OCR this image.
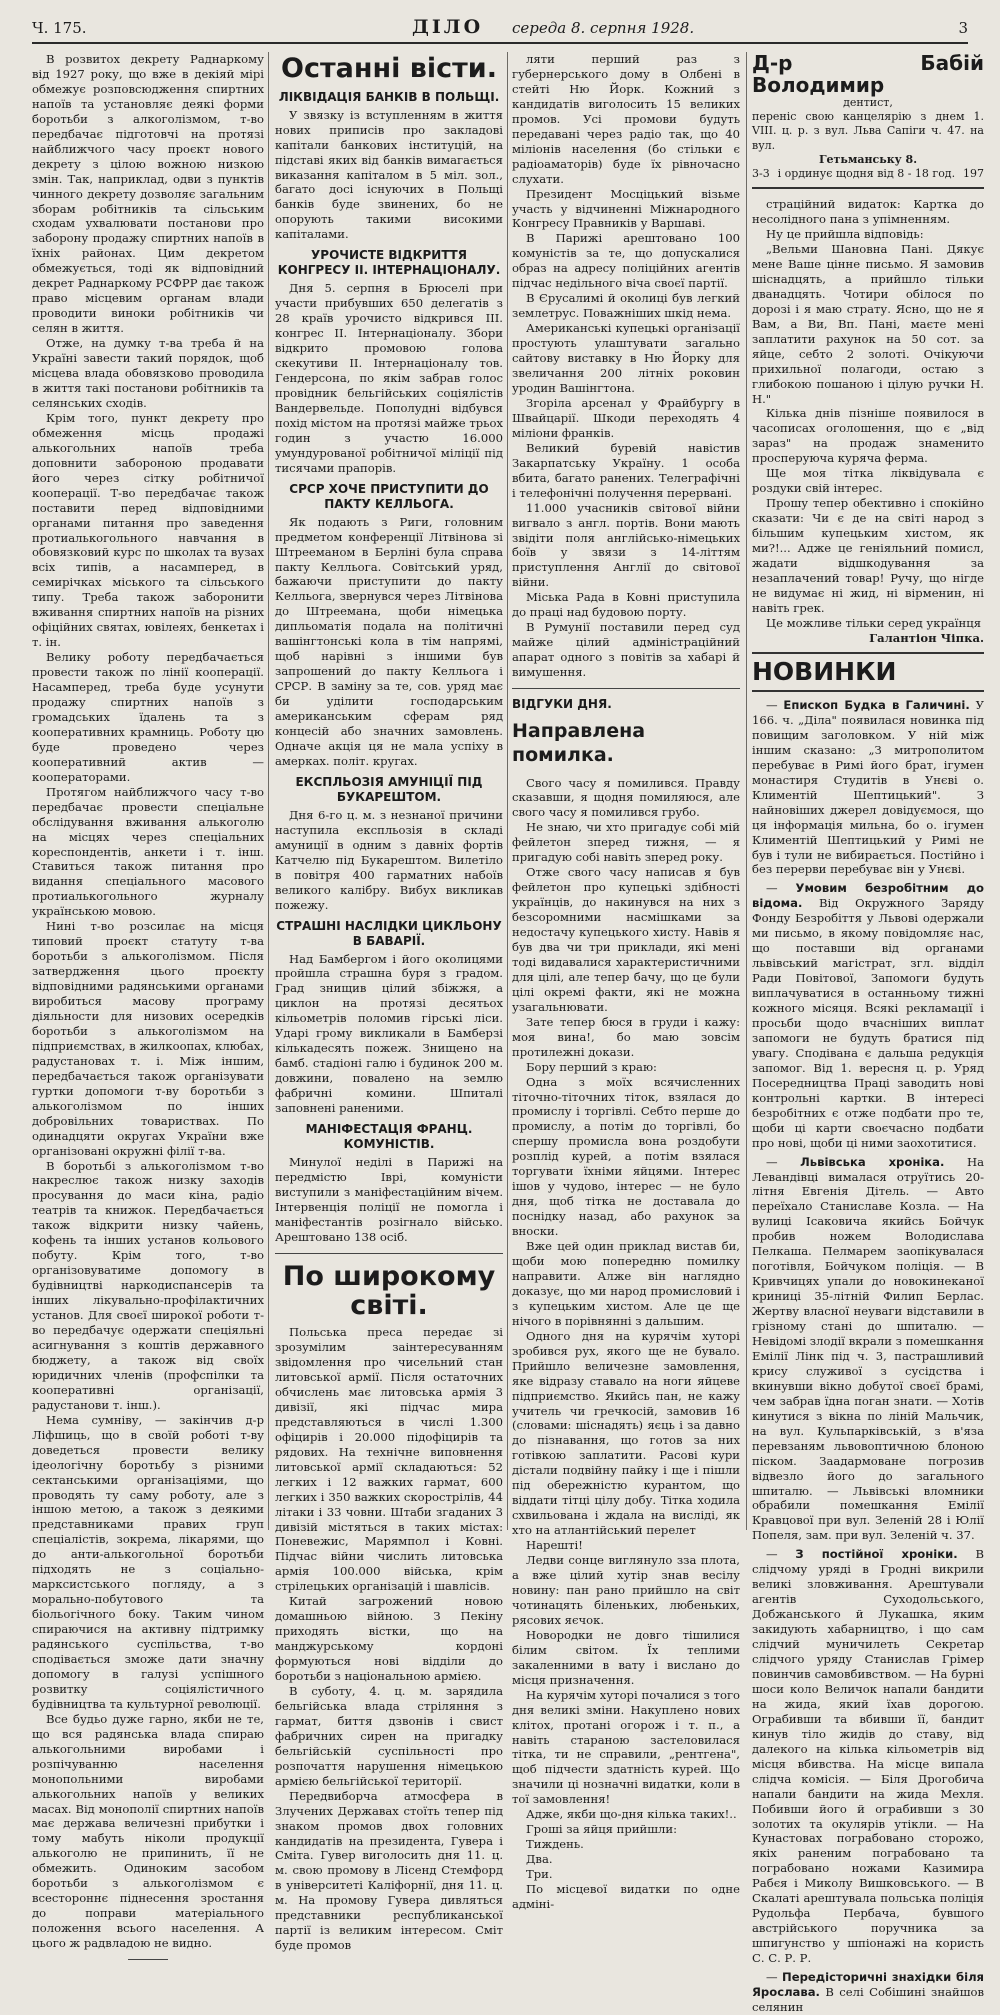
Ч. 175.	ДІЛО середа 8. серпня 1928.	3

В розвитох декрету Раднаркому від 1927 року, що вже в декіяй мірі обмежує розповсюдження спиртних напоїв та установляє деякі форми боротьби з алкоголізмом, т-во передбачає підготовчі на протязі найближчого часу проєкт нового декрету з цілою вожною низкою змін. Так, наприклад, одви з пунктів чинного декрету дозволяє загальним зборам робітників та сільським сходам ухвалювати постанови про заборону продажу спиртних напоїв в їхніх районах. Цим декретом обмежується, тоді як відповідний декрет Раднаркому РСФРР дає також право місцевим органам влади проводити виноки робітників чи селян в життя.

Отже, на думку т-ва треба й на Україні завести такий порядок, щоб місцева влада обовязково проводила в життя такі постанови робітників та селянських сходів.

Крім того, пункт декрету про обмеження місць продажі алькогольних напоїв треба доповнити забороною продавати його через сітку робітничої кооперації. Т-во передбачає також поставити перед відповідними органами питання про заведення протиалькогольного навчання в обовязковий курс по школах та вузах всіх типів, а насамперед, в семирічках міського та сільського типу. Треба також заборонити вживання спиртних напоїв на різних офіційних святах, ювілеях, бенкетах і т. ін.

Велику роботу передбачається провести також по лінії кооперації. Насамперед, треба буде усунути продажу спиртних напоїв з громадських їдалень та з кооперативних крамниць. Роботу цю буде проведено через кооперативний актив — кооператорами.

Протягом найближчого часу т-во передбачає провести спеціальне обслідування вживання алькоголю на місцях через спеціальних кореспондентів, анкети і т. інш. Ставиться також питання про видання спеціального масового протиалькогольного журналу українською мовою.

Нині т-во розсилає на місця типовий проєкт статуту т-ва боротьби з алькоголізмом. Після затвердження цього проєкту відповідними радянськими органами виробиться масову програму діяльности для низових осередків боротьби з алькоголізмом на підприємствах, в жилкоопах, клюбах, радустановах т. і. Між іншим, передбачається також організувати гуртки допомоги т-ву боротьби з алькоголізмом по інших добровільних товариствах. По одинадцяти округах України вже організовані окружні філії т-ва.

В боротьбі з алькоголізмом т-во накреслює також низку заходів просування до маси кіна, радіо театрів та книжок. Передбачається також відкрити низку чайень, кофень та інших установ кольового побуту. Крім того, т-во організовуватиме допомогу в будівництві наркодиспансерів та інших лікувально-профілактичних установ. Для своєї широкої роботи т-во передбачує одержати спеціяльні асигнування з коштів державного бюджету, а також від своїх юридичних членів (профспілки та кооперативні організації, радустанови т. інш.).

Нема сумніву, — закінчив д-р Ліфшиць, що в своїй роботі т-ву доведеться провести велику ідеологічну боротьбу з різними сектанськими організаціями, що проводять ту саму роботу, але з іншою метою, а також з деякими представниками правих груп спеціалістів, зокрема, лікарями, що до анти-алькогольної боротьби підходять не з соціально-марксистського погляду, а з морально-побутового та біольогічного боку. Таким чином спираючися на активну підтримку радянського суспільства, т-во сподівається зможе дати значну допомогу в галузі успішного розвитку соціялістичного будівництва та культурної революції.

Все будьо дуже гарно, якби не те, що вся радянська влада спираю алькогольними виробами і розпічуванню населення монопольними виробами алькогольних напоїв у великих масах. Від монополії спиртних напоїв має держава величезні прибутки і тому мабуть ніколи продукції алькоголю не припинить, її не обмежить. Одиноким засобом боротьби з алькоголізмом є всестороннє піднесення зростання до поправи матеріального положення всього населення. А цього ж радвладою не видно.

Останні вісти.
ЛІКВІДАЦІЯ БАНКІВ В ПОЛЬЩІ.

У звязку із вступленням в життя нових приписів про закладові капітали банкових інституцій, на підставі яких від банків вимагається виказання капіталом в 5 міл. зол., багато досі існуючих в Польщі банків буде звинених, бо не опорують такими високими капіталами.

УРОЧИСТЕ ВІДКРИТТЯ КОНГРЕСУ ІІ. ІНТЕРНАЦІОНАЛУ.

Дня 5. серпня в Брюселі при участи прибувших 650 делегатів з 28 країв урочисто відкрився ІІІ. конгрес ІІ. Інтернаціоналу. Збори відкрито промовою голова скекутиви ІІ. Інтернаціоналу тов. Гендерсона, по якім забрав голос провідник бельгійських соціялістів Вандервельде. Пополудні відбувся похід містом на протязі майже трьох годин з участю 16.000 умундурованої робітничої міліції під тисячами прапорів.

СРСР ХОЧЕ ПРИСТУПИТИ ДО ПАКТУ КЕЛЛЬОГА.

Як подають з Риги, головним предметом конференції Літвінова зі Штрееманом в Берліні була справа пакту Келльога. Совітський уряд, бажаючи приступити до пакту Келльога, звернувся через Літвінова до Штреемана, щоби німецька дипльоматія подала на політичні вашінгтонські кола в тім напрямі, щоб нарівні з іншими був запрошений до пакту Келльога і СРСР. В заміну за те, сов. уряд має би уділити господарським американським сферам ряд концесій або значних замовлень. Одначе акція ця не мала успіху в амерках. політ. кругах.

ЕКСПЛЬОЗІЯ АМУНІЦІЇ ПІД БУКАРЕШТОМ.

Дня 6-го ц. м. з незнаної причини наступила експльозія в складі амуниції в одним з давніх фортів Катчелю під Букарештом. Вилетіло в повітря 400 гарматних набоїв великого калібру. Вибух викликав пожежу.

СТРАШНІ НАСЛІДКИ ЦИКЛЬОНУ В БАВАРІЇ.

Над Бамбергом і його околицями пройшла страшна буря з градом. Град знищив цілий збіжжя, а циклон на протязі десятьох кільометрів поломив гірські ліси. Ударі грому викликали в Бамберзі кількадесять пожеж. Знищено на бамб. стадіоні галю і будинок 200 м. довжини, повалено на землю фабричні комини. Шпиталі заповнені раненими.

МАНІФЕСТАЦІЯ ФРАНЦ. КОМУНІСТІВ.

Минулої неділі в Парижі на передмістю Іврі, комуністи виступили з маніфестаційним вічем. Інтервенція поліції не помогла і маніфестантів розігнало військо. Арештовано 138 осіб.

По широкому світі.

Польська преса передає зі зрозумілим заінтересуванням звідомлення про чисельний стан литовської армії. Після остаточних обчислень має литовська армія 3 дивізії, які підчас мира представляються в числі 1.300 офіцирів і 20.000 підофіцирів та рядових. На технічне виповнення литовської армії складаються: 52 легких і 12 важких гармат, 600 легких і 350 важких скорострілів, 44 літаки і 33 човни. Штаби згаданих 3 дивізій містяться в таких містах: Поневежис, Марямпол і Ковні. Підчас війни числить литовська армія 100.000 війська, крім стрілецьких організацій і шавлісів.

Китай загрожений новою домашньою війною. З Пекіну приходять вістки, що на манджурському кордоні формуються нові відділи до боротьби з національною армією.

В суботу, 4. ц. м. зарядила бельгійська влада стріляння з гармат, биття дзвонів і свист фабричних сирен на пригадку бельгійській суспільності про розпочаття нарушення німецькою армією бельгійської території.

Передвиборча атмосфера в Злучених Державах стоїть тепер під знаком промов двох головних кандидатів на президента, Гувера і Сміта. Гувер виголосить дня 11. ц. м. свою промову в Лісенд Стемфорд в університеті Каліфорнії, дня 11. ц. м. На промову Гувера дивляться представники республиканської партії із великим інтересом. Сміт буде промов

ляти перший раз з губернерського дому в Олбені в стейті Ню Йорк. Кожний з кандидатів виголосить 15 великих промов. Усі промови будуть передавані через радіо так, що 40 міліонів населення (бо стільки є радіоаматорів) буде їх рівночасно слухати.

Президент Мосціцький візьме участь у відчиненні Міжнародного Конгресу Правників у Варшаві.

В Парижі арештовано 100 комуністів за те, що допускалися образ на адресу поліційних агентів підчас недільного віча своєї партії.

В Єрусалимі й околиці був легкий землетрус. Поважніших шкід нема.

Американські купецькі організації простують улаштувати загально сайтову виставку в Ню Йорку для звеличання 200 літніх роковин уродин Вашінгтона.

Згоріла арсенал у Фрайбургу в Швайцарії. Шкоди переходять 4 міліони франків.

Великий буревій навістив Закарпатську Україну. 1 особа вбита, багато ранених. Телеграфічні і телефонічні получення перервані.

11.000 учасників світової війни вигвало з англ. портів. Вони мають звідіти поля англійсько-німецьких боїв у звязи з 14-літтям приступлення Англії до світової війни.

Міська Рада в Ковні приступила до праці над будовою порту.

В Румунії поставили перед суд майже цілий адміністраційний апарат одного з повітів за хабарі й вимушення.

ВІДГУКИ ДНЯ.
Направлена помилка.

Свого часу я помилився. Правду сказавши, я щодня помиляюся, але свого часу я помилився грубо.

Не знаю, чи хто пригадує собі мій фейлетон зперед тижня, — я пригадую собі навіть зперед року.

Отже свого часу написав я був фейлетон про купецькі здібності українців, до накинувся на них з безсоромними насмішками за недостачу купецького хисту. Навів я був два чи три приклади, які мені тоді видавалися характеристичними для цілі, але тепер бачу, що це були цілі окремі факти, які не можна узагальнювати.

Зате тепер бюся в груди і кажу: моя вина!, бо маю зовсім протилежні докази.

Бору перший з краю:

Одна з моїх всячисленних тіточно-тіточних тіток, взялася до промислу і торгівлі. Себто перше до промислу, а потім до торгівлі, бо спершу промисла вона роздобути розплід курей, а потім взялася торгувати їхніми яйцями. Інтерес ішов у чудово, інтерес — не було дня, щоб тітка не доставала до поснідку назад, або рахунок за вноски.

Вже цей один приклад вистав би, щоби мою попередню помилку направити. Алже він наглядно доказує, що ми народ промисловий і з купецьким хистом. Але це ще нічого в порівнянні з дальшим.

Одного дня на курячім хуторі зробився рух, якого ще не бувало. Прийшло величезне замовлення, яке відразу ставало на ноги яйцеве підприємство. Якийсь пан, не кажу учитель чи гречкосій, замовив 16 (словами: шіснадять) яєць і за давно до пізнавання, що готов за них готівкою заплатити. Расові кури дістали подвійну пайку і ще і пішли під обережністю курантом, що віддати тітці цілу добу. Тітка ходила схвильована і ждала на висліді, як хто на атлантійський перелет

Нарешті!

Ледви сонце виглянуло зза плота, а вже цілий хутір знав весілу новину: пан рано прийшло на світ чотинацять біленьких, любеньких, рясових яєчок.

Новородки не довго тішилися білим світом. Їх теплими закаленними в вату і вислано до місця призначення.

На курячім хуторі почалися з того дня великі зміни. Накуплено нових клітох, протані огорож і т. п., а навіть стараною застеловилася тітка, ти не справили, „рентгена", щоб підчести здатність курей. Що значили ці нозначні видатки, коли в тої замовлення!

Адже, якби що-дня кілька таких!..

Гроші за яйця прийшли:

Тиждень.

Два.

Три.

По місцевої видатки по одне адміні-

Д-р Бабій Володимир
дентист,
переніс свою канцелярію з днем 1. VIII. ц. р. з вул. Льва Сапіги ч. 47. на вул.
Гетьманську 8.
3-3 і ординує щодня від 8 - 18 год. 197

страційний видаток: Картка до несолідного пана з упімненням.

Ну це прийшла відповідь:

„Вельми Шановна Пані. Дякує мене Ваше цінне письмо. Я замовив шіснадцять, а прийшло тільки дванадцять. Чотири обілося по дорозі і я маю страту. Ясно, що не я Вам, а Ви, Вп. Пані, маєте мені заплатити рахунок на 50 сот. за яйце, себто 2 золоті. Очікуючи прихильної полагоди, остаю з глибокою пошаною і цілую ручки Н. Н."

Кілька днів пізніше появилося в часописах оголошення, що є „від зараз" на продаж знаменито просперуюча куряча ферма.

Ще моя тітка ліквідувала є роздуки свій інтерес.

Прошу тепер обективно і спокійно сказати: Чи є де на світі народ з більшим купецьким хистом, як ми?!... Адже це геніяльний помисл, жадати відшкодування за незаплачений товар! Ручу, що нігде не видумає ні жид, ні вірменин, ні навіть грек.

Це можливе тільки серед українця

Галантіон Чіпка.
НОВИНКИ

— Епископ Будка в Галичині. У 166. ч. „Діла" появилася новинка під повищим заголовком. У ній між іншим сказано: „З митрополитом перебуває в Римі його брат, ігумен монастиря Студитів в Унєві о. Климентій Шептицький". З найновіших джерел довідуємося, що ця інформація мильна, бо о. ігумен Климентій Шептицький у Римі не був і тули не вибирається. Постійно і без перерви перебуває він у Унєві.

— Умовим безробітним до відома. Від Окружного Заряду Фонду Безробіття у Львові одержали ми письмо, в якому повідомляє нас, що поставши від органами львівський магістрат, згл. відділ Ради Повітової, Запомоги будуть виплачуватися в останньому тижні кожного місяця. Всякі рекламації і просьби щодо вчасніших виплат запомоги не будуть братися під увагу. Сподівана є дальша редукція запомог. Від 1. вересня ц. р. Уряд Посередництва Праці заводить нові контрольні картки. В інтересі безробітних є отже подбати про те, щоби ці карти своєчасно подбати про нові, щоби ці ними заохотитися.

— Львівська хроніка. На Левандівці вималася отруїтись 20-літня Евгенія Дітель. — Авто переїхало Станиславе Козла. — На вулиці Ісаковича якийсь Бойчук пробив ножем Володислава Пелкаша. Пелмарем заопікувалася поготівля, Бойчуком поліція. — В Кривчицях упали до новокинеканої криниці 35-літній Филип Берлас. Жертву власної неуваги відставили в грізному стані до шпиталю. — Невідомі злодії вкрали з помешкання Емілії Лінк під ч. 3, пастрашливий крису служивої з сусідства і вкинувши вікно добутої своєї брамі, чем забрав їдна поган знати. — Хотів кинутися з вікна по ліній Мальчик, на вул. Кульпарківській, з в'яза перевзаням львовоптичною блоною піском. Заадармоване погрозив відвезло його до загального шпиталю. — Львівські вломники обрабили помешкання Емілії Кравцової при вул. Зеленій 28 і Юлії Попеля, зам. при вул. Зеленій ч. 37.

— З постійної хроніки. В слідчому уряді в Гродні викрили великі зловживання. Арештували агентів Суходольського, Добжанського й Лукашка, яким закидують хабарництво, і що сам слідчий муничилеть Секретар слідчого уряду Станислав Грімер повинчив самовбивством. — На бурні шоси коло Величок напали бандити на жида, який їхав дорогою. Ограбивши та вбивши її, бандит кинув тіло жидів до ставу, від далекого на кілька кільометрів від місця вбивства. На місце випала слідча комісія. — Біля Дрогобича напали бандити на жида Мехля. Побивши його й ограбивши з 30 золотих та окулярів утікли. — На Кунастовах пограбовано сторожо, якіх раненим пограбовано та пограбовано ножами Казимира Рабєя і Миколу Вишковського. — В Скалаті арештувала польська поліція Рудольфа Пербача, бувшого австрійського поручника за шпигунство у шпіонажі на користь С. С. Р. Р.

— Передісторичні знахідки біля Ярослава. В селі Собішині знайшов селянин
